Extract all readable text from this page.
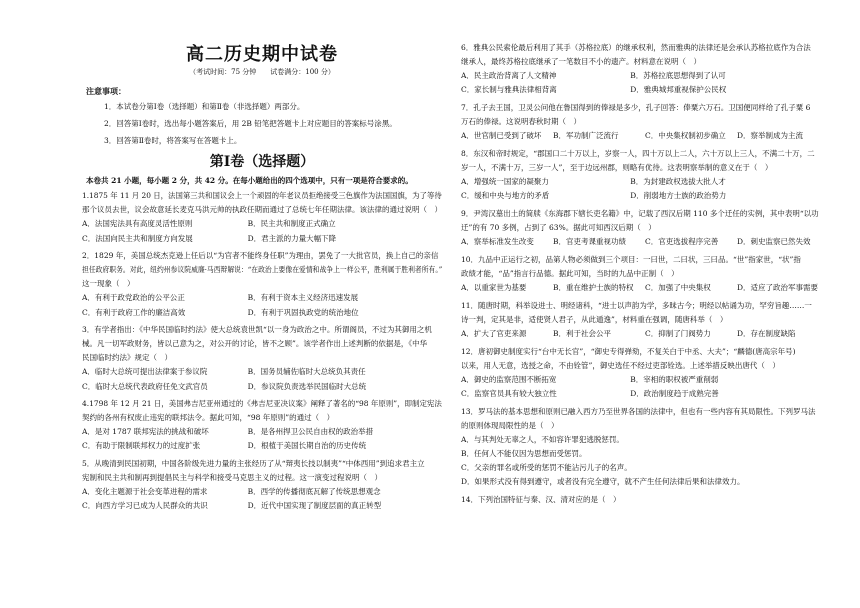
高二历史期中试卷
（考试时间：75 分钟　　试卷满分：100 分）
注意事项：
1．本试卷分第Ⅰ卷（选择题）和第Ⅱ卷（非选择题）两部分。
2．回答第Ⅰ卷时，选出每小题答案后，用 2B 铅笔把答题卡上对应题目的答案标号涂黑。
3．回答第Ⅱ卷时，将答案写在答题卡上。
第Ⅰ卷（选择题）
本卷共 21 小题，每小题 2 分，共 42 分。在每小题给出的四个选项中，只有一项是符合要求的。
1.1875 年 11 月 20 日，法国第三共和国议会上一个顽固的年老议员拒绝接受三色旗作为法国国旗，为了等待
那个议员去世，议会故意延长麦克马洪元帅的执政任期而通过了总统七年任期法律。该法律的通过说明（　）
A．法国宪法具有高度灵活性原则	B．民主共和制度正式确立
C．法国向民主共和制度方向发展	D．君主派的力量大幅下降
2．1829 年，美国总统杰克逊上任后以“为官者不能终身任职”为理由，罢免了一大批官员，换上自己的亲信
担任政府职务。对此，纽约州参议院威廉·马西辩解说：“在政治上要像在爱情和战争上一样公平，胜利属于胜利者所有。”
这一现象（　）
A．有利于政党政治的公平公正	B．有利于资本主义经济迅速发展
C．有利于政府工作的廉洁高效	D．有利于巩固执政党的统治地位
3．有学者指出：《中华民国临时约法》使大总统袁世凯“以一身为政治之中。所谓阁员，不过为其御用之机
械。凡一切军政财务，皆以己意为之，对公开的讨论，皆不之顾”。该学者作出上述判断的依据是，《中华
民国临时约法》规定（　）
A．临时大总统可提出法律案于参议院	B．国务员辅佐临时大总统负其责任
C．临时大总统代表政府任免文武官员	D．参议院负责选举民国临时大总统
4.1798 年 12 月 21 日，美国弗吉尼亚州通过的《弗吉尼亚决议案》阐释了著名的“98 年原则”，即制定宪法
契约的各州有权废止违宪的联邦法令。据此可知，“98 年原则”的通过（　）
A．是对 1787 联邦宪法的挑战和破坏	B．是各州捍卫公民自由权的政治举措
C．有助于限制联邦权力的过度扩张	D．根植于美国长期自治的历史传统
5．从晚清到民国初期，中国各阶级先进力量的主张经历了从“辩夷长技以制夷”“中体西用”到追求君主立
宪制和民主共和制再到提倡民主与科学和接受马克思主义的过程。这一演变过程说明（　）
A．变化主题源于社会变革进程的需求	B．西学的传播彻底瓦解了传统思想观念
C．向西方学习已成为人民群众的共识	D．近代中国实现了制度层面的真正转型
6．雅典公民索伦最后利用了其手（苏格拉底）的继承权利，然而雅典的法律还是会承认苏格拉底作为合法
继承人，最终苏格拉底继承了一笔数目不小的遗产。材料意在说明（　）
A．民主政治背离了人文精神	B．苏格拉底思想得到了认可
C．家长制与雅典法律相背离	D．雅典城邦重视保护公民权
7．孔子去王国，卫灵公问他在鲁国得到的俸禄是多少，孔子回答：俸粟六万石。卫国便同样给了孔子粟 6
万石的俸禄。这说明春秋时期（　）
A．世官制已受到了破坏 B．军功制广泛流行	C．中央集权制初步确立 D．察举制成为主流
8．东汉和帝时规定，“郡国口二十万以上，岁察一人，四十万以上二人，六十万以上三人，不满二十万，二
岁一人，不满十万，三岁一人”，至于边远州郡，则略有优待。这表明察举制的意义在于（　）
A．增强统一国家的凝聚力	B．为封建政权选拔大批人才
C．缓和中央与地方的矛盾	D．削弱地方士族的政治势力
9．尹湾汉墓出土的简牍《东海郡下辖长吏名籍》中，记载了西汉后期 110 多个迁任的实例，其中表明“以功
迁”的有 70 多例，占到了 63%。据此可知西汉后期（　）
A．察举标准发生改变	B．官吏考课重视功绩	C．官吏选拔程序完善	D．刺史监察已然失效
10．九品中正运行之初，品第人物必须做到三个项目：一曰世，二曰状，三曰品。“世”指家世，“状”指
政绩才能，“品”指言行品德。据此可知，当时的九品中正制（　）
A．以重家世为基要	B．重在维护士族的特权 C．加强了中央集权	D．适应了政治军事需要
11．随唐时期，科举设进士、明经诸科，“进士以声韵为学，多昧古今；明经以帖诵为功，罕穷旨趣……一
诗一判，定其是非，适使贤人君子，从此遁逸”，材料重在强调，随唐科举（　）
A．扩大了官吏来源	B．利于社会公平	C．抑制了门阀势力	D．存在制度缺陷
12．唐初御史制度实行“台中无长官”，“御史专得弹劾，不复关白于中丞、大夫”；“麟德(唐高宗年号)
以来，用人无意，选授之命，不由铨管”，御史选任不经过吏部铨选。上述举措反映出唐代（　）
A．御史的监察范围不断拓宽	B．宰相的职权被严重削弱
C．监察官员具有较大独立性	D．政治制度趋于成熟完善
13．罗马法的基本思想和原则已融入西方乃至世界各国的法律中，但也有一些内容有其局限性。下列罗马法
的原则体现局限性的是（　）
A．与其判处无辜之人，不如容许罪犯逃脱惩罚。
B．任何人不能仅因为思想而受惩罚。
C．父亲的罪名或所受的惩罚不能沾污儿子的名声。
D．如果形式没有得到遵守，或者没有完全遵守，就不产生任何法律后果和法律效力。
14．下列治国特征与秦、汉、清对应的是（　）
